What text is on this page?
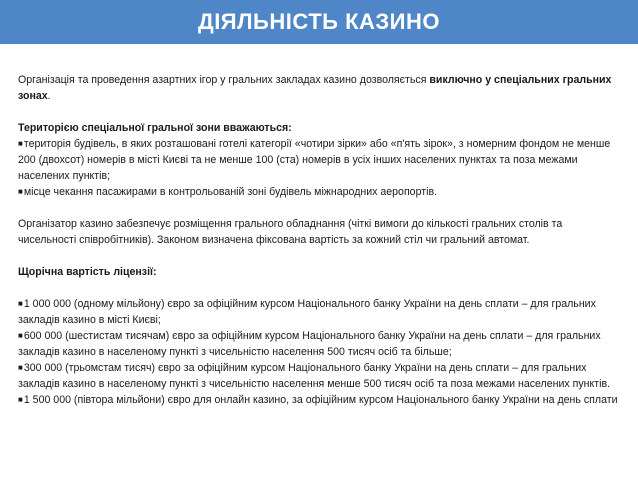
ДІЯЛЬНІСТЬ КАЗИНО

Організація та проведення азартних ігор у гральних закладах казино дозволяється виключно у спеціальних гральних зонах.

Територією спеціальної гральної зони вважаються:

■територія будівель, в яких розташовані готелі категорії «чотири зірки» або «п'ять зірок», з номерним фондом не менше 200 (двохсот) номерів в місті Києві та не менше 100 (ста) номерів в усіх інших населених пунктах та поза межами населених пунктів;

■місце чекання пасажирами в контрольованій зоні будівель міжнародних аеропортів.

Організатор казино забезпечує розміщення грального обладнання (чіткі вимоги до кількості гральних столів та чисельності співробітників). Законом визначена фіксована вартість за кожний стіл чи гральний автомат.

Щорічна вартість ліцензії:

■1 000 000 (одному мільйону) євро за офіційним курсом Національного банку України на день сплати – для гральних закладів казино в місті Києві;

■600 000 (шестистам тисячам) євро за офіційним курсом Національного банку України на день сплати – для гральних закладів казино в населеному пункті з чисельністю населення 500 тисяч осіб та більше;

■300 000 (трьомстам тисяч) євро за офіційним курсом Національного банку України на день сплати – для гральних закладів казино в населеному пункті з чисельністю населення менше 500 тисяч осіб та поза межами населених пунктів.

■1 500 000 (півтора мільйони) євро для онлайн казино, за офіційним курсом Національного банку України на день сплати
